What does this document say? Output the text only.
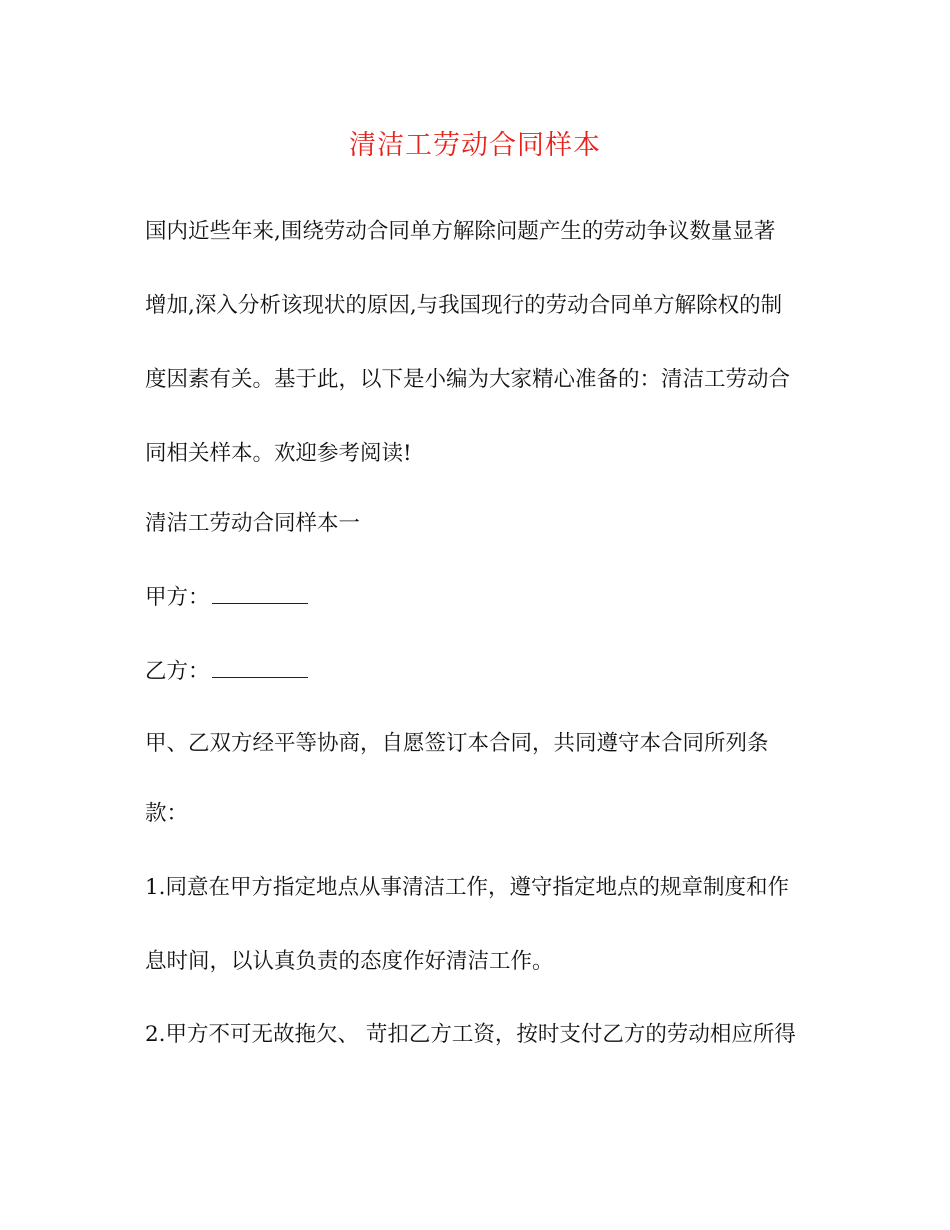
清洁工劳动合同样本
国内近些年来,围绕劳动合同单方解除问题产生的劳动争议数量显著
增加,深入分析该现状的原因,与我国现行的劳动合同单方解除权的制
度因素有关。基于此，以下是小编为大家精心准备的：清洁工劳动合
同相关样本。欢迎参考阅读!
清洁工劳动合同样本一
甲方：
乙方：
甲、乙双方经平等协商，自愿签订本合同，共同遵守本合同所列条
款：
1.同意在甲方指定地点从事清洁工作，遵守指定地点的规章制度和作
息时间，以认真负责的态度作好清洁工作。
2.甲方不可无故拖欠、 苛扣乙方工资，按时支付乙方的劳动相应所得
